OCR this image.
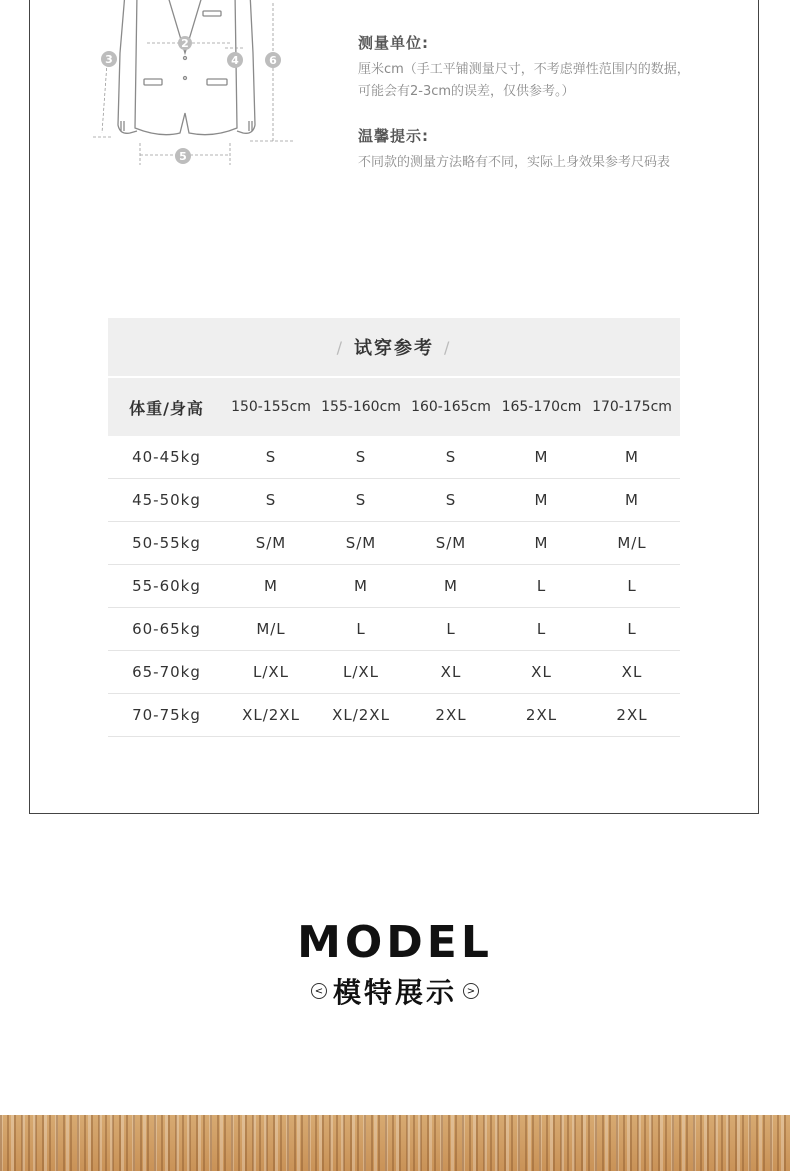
2
3	4
5
6

测量单位:

厘米cm（手工平铺测量尺寸，不考虑弹性范围内的数据，

可能会有2-3cm的误差，仅供参考。）

温馨提示:

不同款的测量方法略有不同，实际上身效果参考尺码表

/ 试穿参考 /
体重/身高	150-155cm 155-160cm 160-165cm 165-170cm 170-175cm
40-45kg	S	S	S	M	M
45-50kg	S	S	S	M	M
50-55kg	S/M	S/M	S/M	M	M/L
55-60kg	M	M	M	L	L
60-65kg	M/L	L	L	L	L
65-70kg	L/XL	L/XL	XL	XL	XL
70-75kg	XL/2XL	XL/2XL	2XL	2XL	2XL
MODEL
< 模特展示 >
